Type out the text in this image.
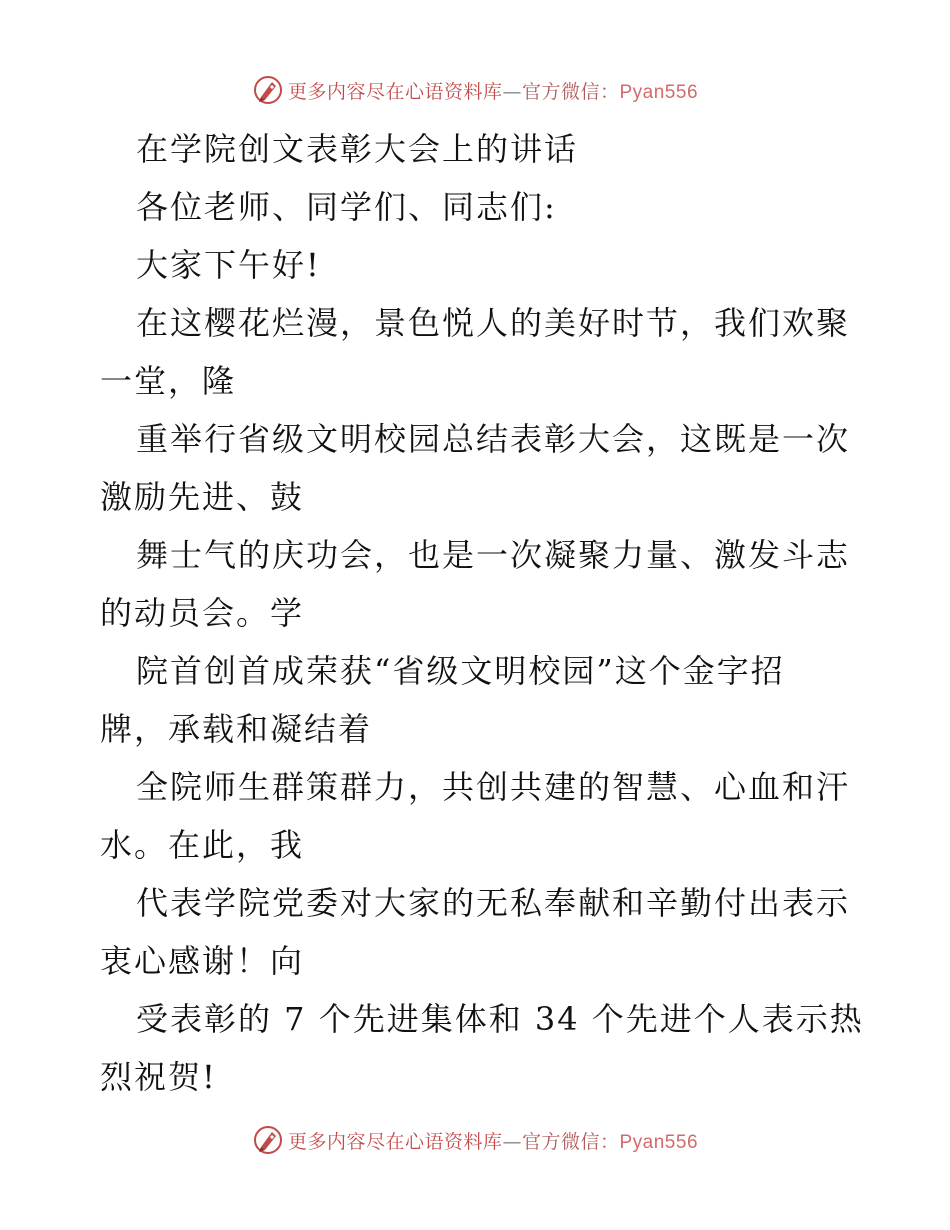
更多内容尽在心语资料库—官方微信：Pyan556
在学院创文表彰大会上的讲话
各位老师、同学们、同志们:
大家下午好!
在这樱花烂漫，景色悦人的美好时节，我们欢聚
一堂，隆
重举行省级文明校园总结表彰大会，这既是一次
激励先进、鼓
舞士气的庆功会，也是一次凝聚力量、激发斗志
的动员会。学
院首创首成荣获“省级文明校园”这个金字招
牌，承载和凝结着
全院师生群策群力，共创共建的智慧、心血和汗
水。在此，我
代表学院党委对大家的无私奉献和辛勤付出表示
衷心感谢！向
受表彰的 7 个先进集体和 34 个先进个人表示热
烈祝贺!
更多内容尽在心语资料库—官方微信：Pyan556
